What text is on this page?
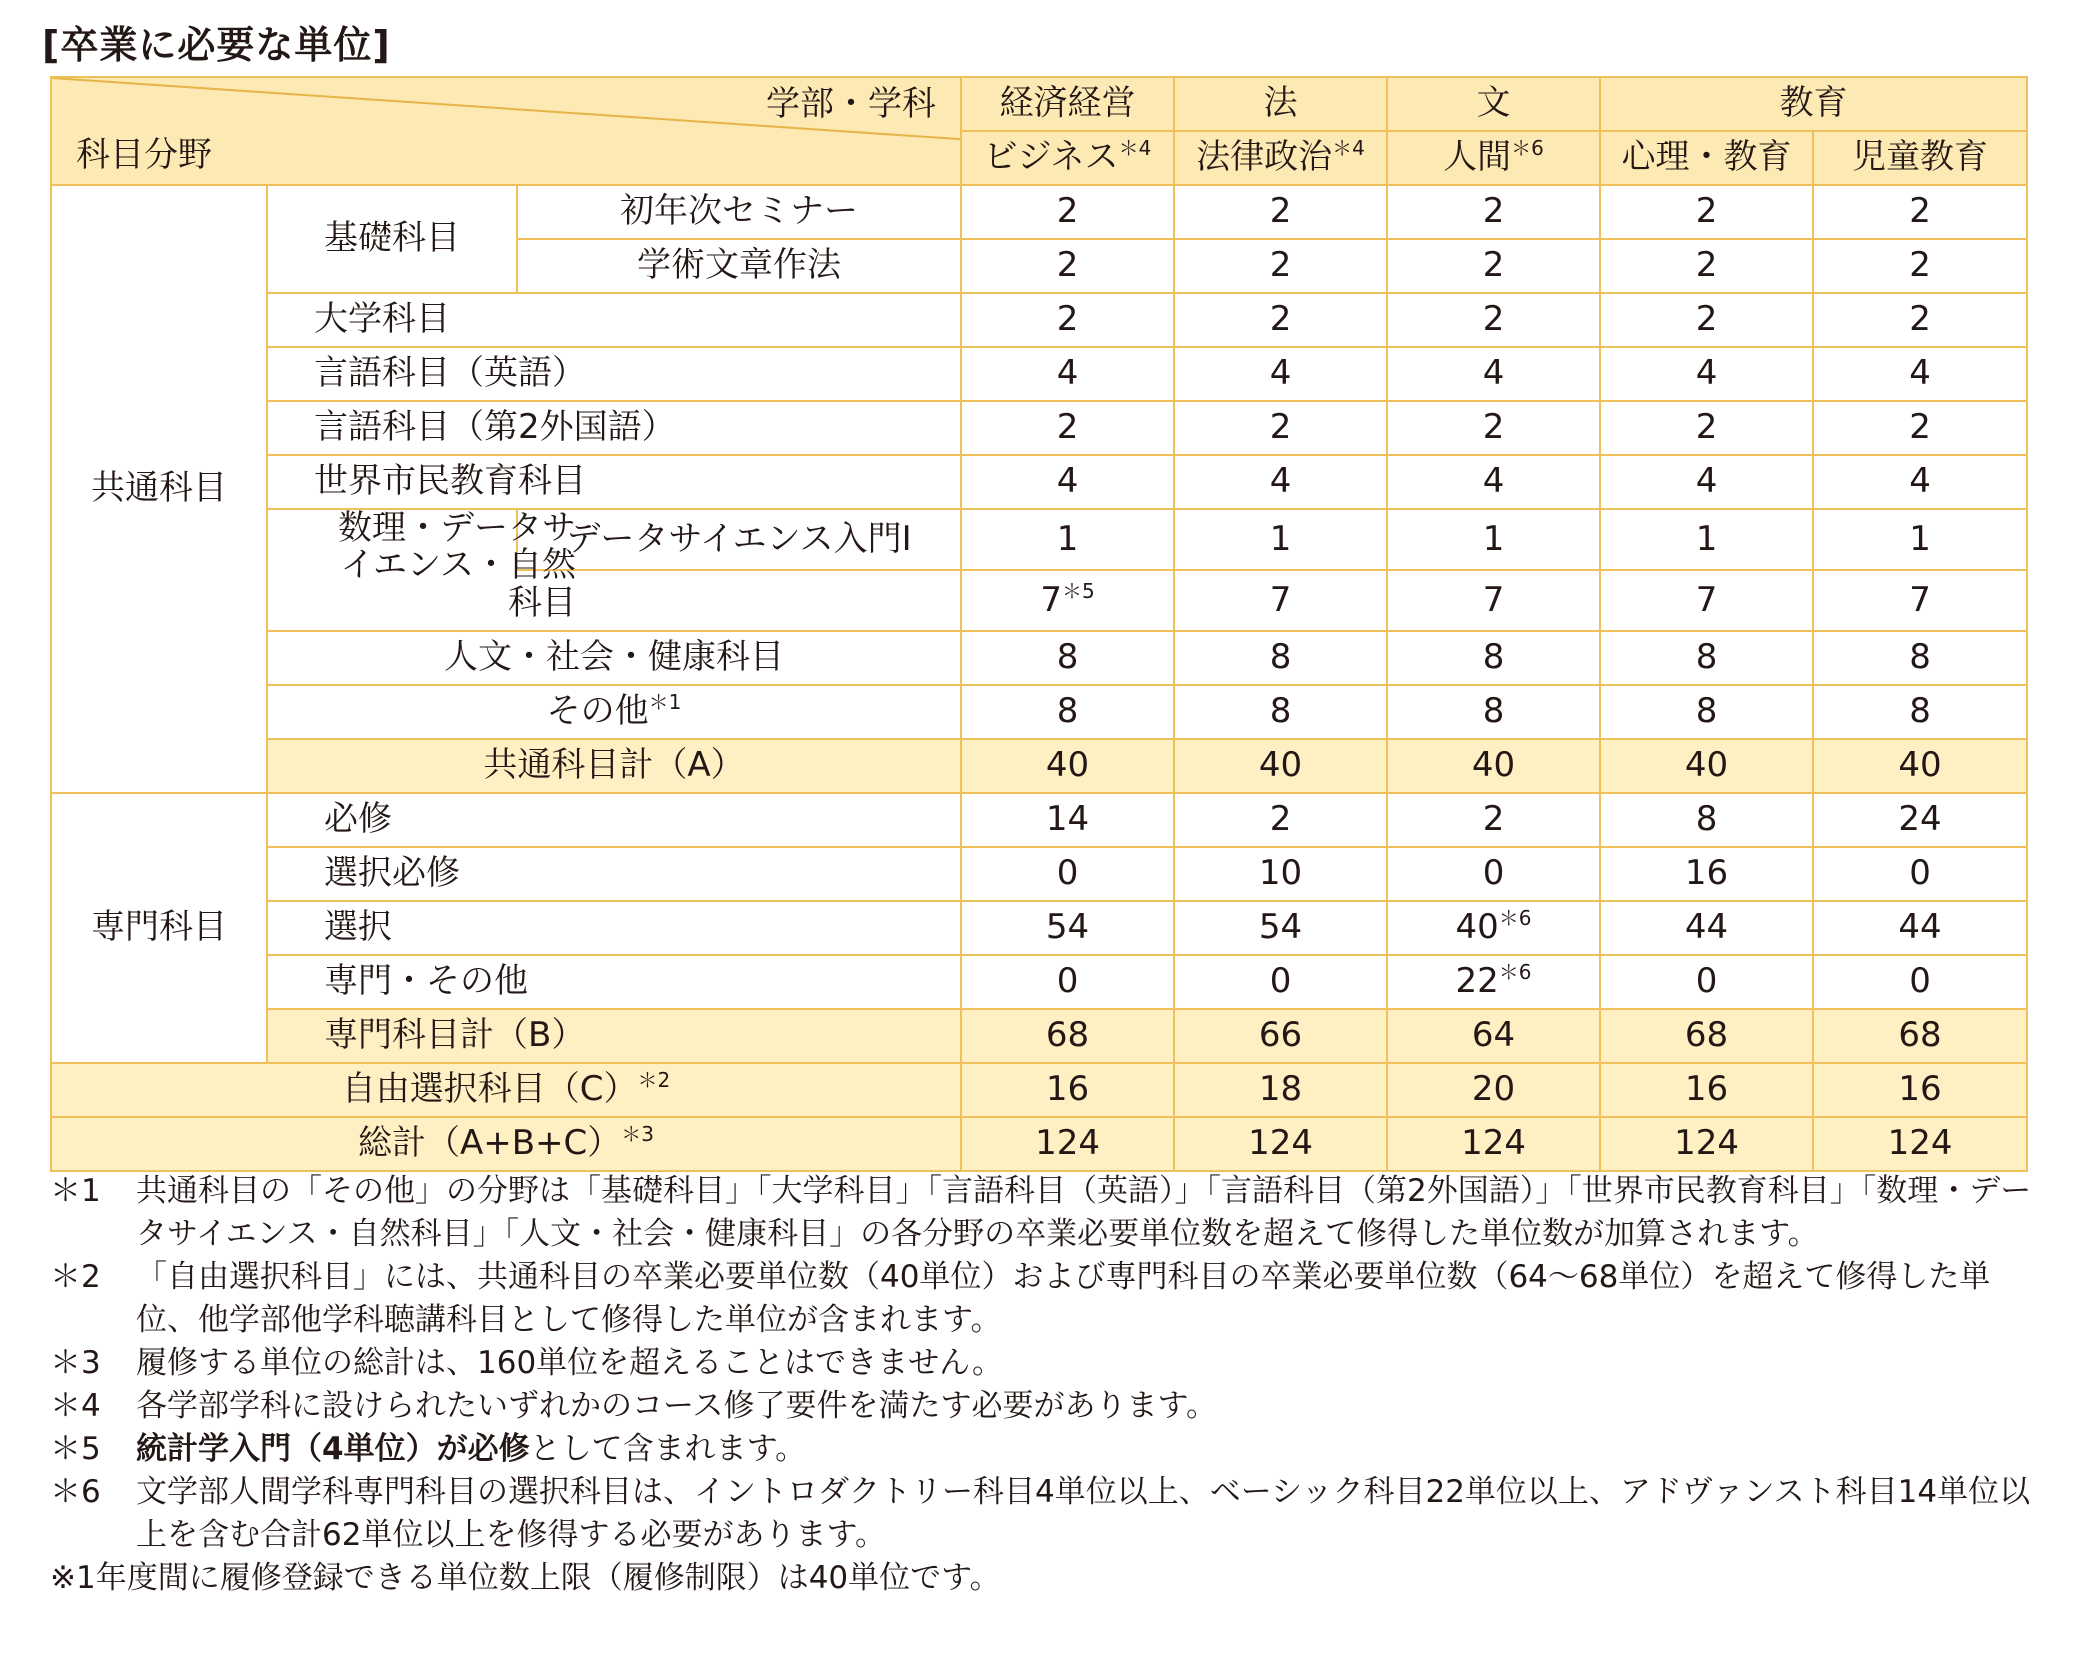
[卒業に必要な単位]
学部・学科
科目分野			経済経営	法	文	教育	
			ビジネス$^{*4}$	法律政治$^{*4}$	人間$^{*6}$	心理・教育	児童教育
共通科目	基礎科目	初年次セミナー	2	2	2	2	2
		学術文章作法	2	2	2	2	2
	大学科目		2	2	2	2	2
	言語科目（英語）		4	4	4	4	4
	言語科目（第2外国語）		2	2	2	2	2
	世界市民教育科目		4	4	4	4	4
	数理・データサイエンス・自然科目	データサイエンス入門Ⅰ	1	1	1	1	1
			$7^{*5}$	7	7	7	7
	人文・社会・健康科目		8	8	8	8	8
	その他$^{*1}$		8	8	8	8	8
	共通科目計（A）		40	40	40	40	40
専門科目	必修		14	2	2	8	24
	選択必修		0	10	0	16	0
	選択		54	54	$40^{*6}$	44	44
	専門・その他		0	0	$22^{*6}$	0	0
	専門科目計（B）		68	66	64	68	68
自由選択科目$(C)^{*2}$			16	18	20	16	16
総計$(A+B+C)^{*3}$			124	124	124	124	124
＊1	共通科目の「その他」の分野は「基礎科目」「大学科目」「言語科目（英語）」「言語科目（第2外国語）」「世界市民教育科目」「数理・データサイエンス・自然科目」「人文・社会・健康科目」の各分野の卒業必要単位数を超えて修得した単位数が加算されます。
＊2	「自由選択科目」には、共通科目の卒業必要単位数（40単位）および専門科目の卒業必要単位数（64～68単位）を超えて修得した単位、他学部他学科聴講科目として修得した単位が含まれます。
＊3	履修する単位の総計は、160単位を超えることはできません。
＊4	各学部学科に設けられたいずれかのコース修了要件を満たす必要があります。
＊5	統計学入門（4単位）が必修として含まれます。
＊6	文学部人間学科専門科目の選択科目は、イントロダクトリー科目4単位以上、ベーシック科目22単位以上、アドヴァンスト科目14単位以上を含む合計62単位以上を修得する必要があります。
※1年度間に履修登録できる単位数上限（履修制限）は40単位です。
